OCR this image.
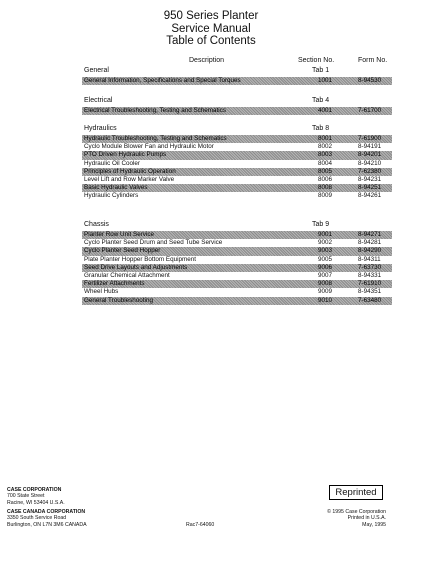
950 Series Planter
Service Manual
Table of Contents
Description	Section No.	Form No.
General	Tab 1
General Information, Specifications and Special Torques	1001	8-94530
Electrical	Tab 4
Electrical Troubleshooting, Testing and Schematics	4001	7-61700
Hydraulics	Tab 8
Hydraulic Troubleshooting, Testing and Schematics	8001	7-61900
Cyclo Module Blower Fan and Hydraulic Motor	8002	8-94191
PTO Driven Hydraulic Pumps	8003	8-94201
Hydraulic Oil Cooler	8004	8-94210
Principles of Hydraulic Operation	8005	7-62380
Level Lift and Row Marker Valve	8006	8-94231
Basic Hydraulic Valves	8008	8-94251
Hydraulic Cylinders	8009	8-94261
Chassis	Tab 9
Planter Row Unit Service	9001	8-94271
Cyclo Planter Seed Drum and Seed Tube Service	9002	8-94281
Cyclo Planter Seed Hopper	9003	8-94290
Plate Planter Hopper Bottom Equipment	9005	8-94311
Seed Drive Layouts and Adjustments	9006	7-63730
Granular Chemical Attachment	9007	8-94331
Fertilizer Attachments	9008	7-61910
Wheel Hubs	9009	8-94351
General Troubleshooting	9010	7-63480
CASE CORPORATION
700 State Street
Racine, WI 53404 U.S.A.
CASE CANADA CORPORATION
3350 South Service Road
Burlington, ON L7N 3M6 CANADA	Rac7-64060
Reprinted
© 1995 Case Corporation
Printed in U.S.A.
May, 1995
